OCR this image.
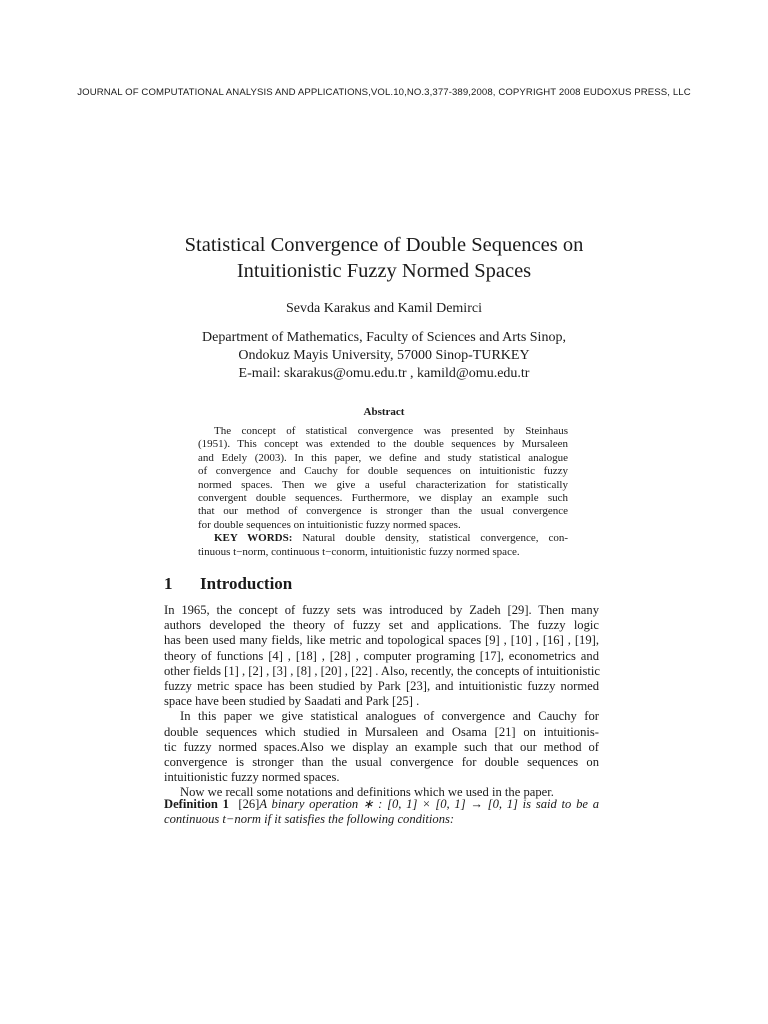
JOURNAL OF COMPUTATIONAL ANALYSIS AND APPLICATIONS,VOL.10,NO.3,377-389,2008, COPYRIGHT 2008 EUDOXUS PRESS, LLC
Statistical Convergence of Double Sequences on
Intuitionistic Fuzzy Normed Spaces
Sevda Karakus and Kamil Demirci
Department of Mathematics, Faculty of Sciences and Arts Sinop,
Ondokuz Mayis University, 57000 Sinop-TURKEY
E-mail: skarakus@omu.edu.tr , kamild@omu.edu.tr
Abstract
The concept of statistical convergence was presented by Steinhaus
(1951). This concept was extended to the double sequences by Mursaleen
and Edely (2003). In this paper, we define and study statistical analogue
of convergence and Cauchy for double sequences on intuitionistic fuzzy
normed spaces. Then we give a useful characterization for statistically
convergent double sequences. Furthermore, we display an example such
that our method of convergence is stronger than the usual convergence
for double sequences on intuitionistic fuzzy normed spaces.
KEY WORDS: Natural double density, statistical convergence, con-
tinuous t−norm, continuous t−conorm, intuitionistic fuzzy normed space.
1 Introduction
In 1965, the concept of fuzzy sets was introduced by Zadeh [29]. Then many
authors developed the theory of fuzzy set and applications. The fuzzy logic
has been used many fields, like metric and topological spaces [9] , [10] , [16] , [19],
theory of functions [4] , [18] , [28] , computer programing [17], econometrics and
other fields [1] , [2] , [3] , [8] , [20] , [22] . Also, recently, the concepts of intuitionistic
fuzzy metric space has been studied by Park [23], and intuitionistic fuzzy normed
space have been studied by Saadati and Park [25] .
In this paper we give statistical analogues of convergence and Cauchy for
double sequences which studied in Mursaleen and Osama [21] on intuitionis-
tic fuzzy normed spaces.Also we display an example such that our method of
convergence is stronger than the usual convergence for double sequences on
intuitionistic fuzzy normed spaces.
Now we recall some notations and definitions which we used in the paper.
Definition 1 [26]A binary operation ∗ : [0, 1] × [0, 1] → [0, 1] is said to be a
continuous t−norm if it satisfies the following conditions:
